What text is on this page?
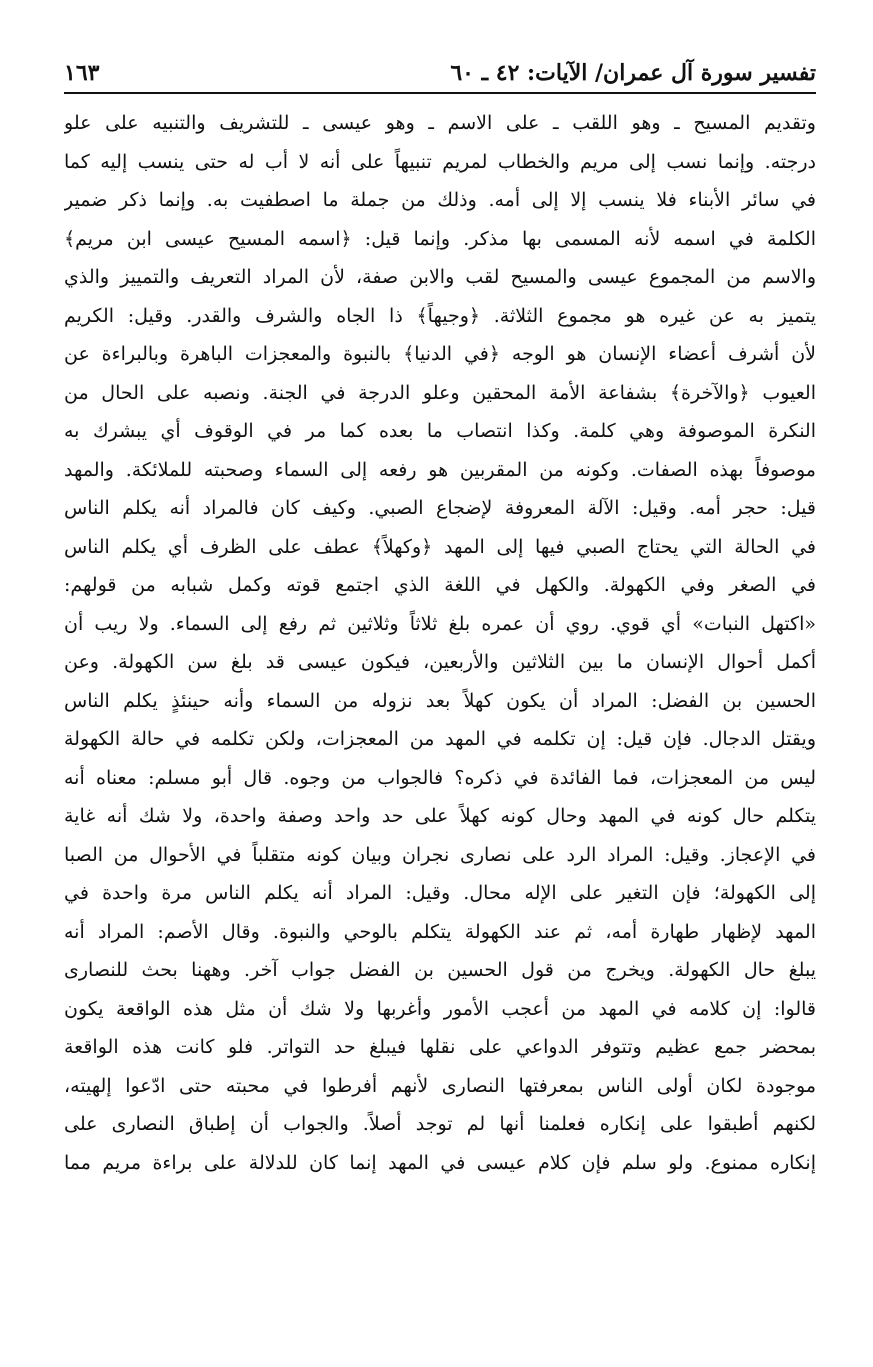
تفسير سورة آل عمران/ الآيات: ٤٢ ـ ٦٠
١٦٣
وتقديم المسيح ـ وهو اللقب ـ على الاسم ـ وهو عيسى ـ للتشريف والتنبيه على علو
درجته. وإنما نسب إلى مريم والخطاب لمريم تنبيهاً على أنه لا أب له حتى ينسب إليه كما
في سائر الأبناء فلا ينسب إلا إلى أمه. وذلك من جملة ما اصطفيت به. وإنما ذكر ضمير
الكلمة في اسمه لأنه المسمى بها مذكر. وإنما قيل: ﴿اسمه المسيح عيسى ابن مريم﴾
والاسم من المجموع عيسى والمسيح لقب والابن صفة، لأن المراد التعريف والتمييز والذي
يتميز به عن غيره هو مجموع الثلاثة. ﴿وجيهاً﴾ ذا الجاه والشرف والقدر. وقيل: الكريم
لأن أشرف أعضاء الإنسان هو الوجه ﴿في الدنيا﴾ بالنبوة والمعجزات الباهرة وبالبراءة عن
العيوب ﴿والآخرة﴾ بشفاعة الأمة المحقين وعلو الدرجة في الجنة. ونصبه على الحال من
النكرة الموصوفة وهي كلمة. وكذا انتصاب ما بعده كما مر في الوقوف أي يبشرك به
موصوفاً بهذه الصفات. وكونه من المقربين هو رفعه إلى السماء وصحبته للملائكة. والمهد
قيل: حجر أمه. وقيل: الآلة المعروفة لإضجاع الصبي. وكيف كان فالمراد أنه يكلم الناس
في الحالة التي يحتاج الصبي فيها إلى المهد ﴿وكهلاً﴾ عطف على الظرف أي يكلم الناس
في الصغر وفي الكهولة. والكهل في اللغة الذي اجتمع قوته وكمل شبابه من قولهم:
«اكتهل النبات» أي قوي. روي أن عمره بلغ ثلاثاً وثلاثين ثم رفع إلى السماء. ولا ريب أن
أكمل أحوال الإنسان ما بين الثلاثين والأربعين، فيكون عيسى قد بلغ سن الكهولة. وعن
الحسين بن الفضل: المراد أن يكون كهلاً بعد نزوله من السماء وأنه حينئذٍ يكلم الناس
ويقتل الدجال. فإن قيل: إن تكلمه في المهد من المعجزات، ولكن تكلمه في حالة الكهولة
ليس من المعجزات، فما الفائدة في ذكره؟ فالجواب من وجوه. قال أبو مسلم: معناه أنه
يتكلم حال كونه في المهد وحال كونه كهلاً على حد واحد وصفة واحدة، ولا شك أنه غاية
في الإعجاز. وقيل: المراد الرد على نصارى نجران وبيان كونه متقلباً في الأحوال من الصبا
إلى الكهولة؛ فإن التغير على الإله محال. وقيل: المراد أنه يكلم الناس مرة واحدة في
المهد لإظهار طهارة أمه، ثم عند الكهولة يتكلم بالوحي والنبوة. وقال الأصم: المراد أنه
يبلغ حال الكهولة. ويخرج من قول الحسين بن الفضل جواب آخر. وههنا بحث للنصارى
قالوا: إن كلامه في المهد من أعجب الأمور وأغربها ولا شك أن مثل هذه الواقعة يكون
بمحضر جمع عظيم وتتوفر الدواعي على نقلها فيبلغ حد التواتر. فلو كانت هذه الواقعة
موجودة لكان أولى الناس بمعرفتها النصارى لأنهم أفرطوا في محبته حتى ادّعوا إلهيته،
لكنهم أطبقوا على إنكاره فعلمنا أنها لم توجد أصلاً. والجواب أن إطباق النصارى على
إنكاره ممنوع. ولو سلم فإن كلام عيسى في المهد إنما كان للدلالة على براءة مريم مما
